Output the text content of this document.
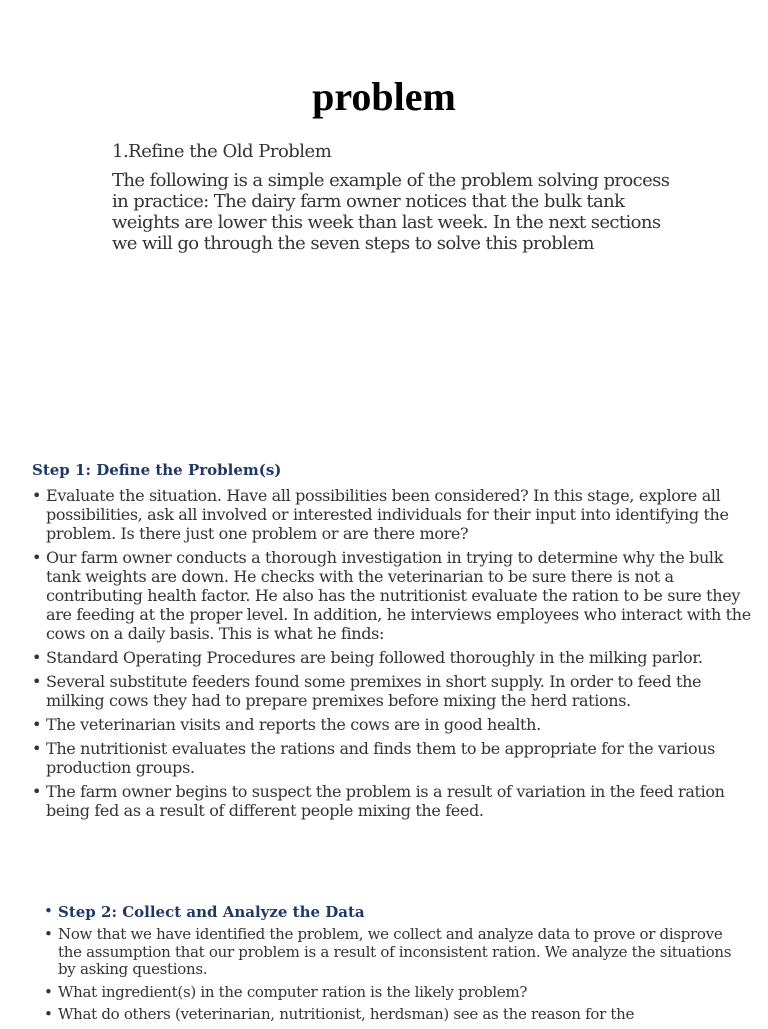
problem
1.Refine the Old Problem
The following is a simple example of the problem solving process in practice: The dairy farm owner notices that the bulk tank weights are lower this week than last week. In the next sections we will go through the seven steps to solve this problem
Step 1: Define the Problem(s)
• Evaluate the situation. Have all possibilities been considered? In this stage, explore all possibilities, ask all involved or interested individuals for their input into identifying the problem. Is there just one problem or are there more?
• Our farm owner conducts a thorough investigation in trying to determine why the bulk tank weights are down. He checks with the veterinarian to be sure there is not a contributing health factor. He also has the nutritionist evaluate the ration to be sure they are feeding at the proper level. In addition, he interviews employees who interact with the cows on a daily basis. This is what he finds:
• Standard Operating Procedures are being followed thoroughly in the milking parlor.
• Several substitute feeders found some premixes in short supply. In order to feed the milking cows they had to prepare premixes before mixing the herd rations.
• The veterinarian visits and reports the cows are in good health.
• The nutritionist evaluates the rations and finds them to be appropriate for the various production groups.
• The farm owner begins to suspect the problem is a result of variation in the feed ration being fed as a result of different people mixing the feed.
• Step 2: Collect and Analyze the Data
• Now that we have identified the problem, we collect and analyze data to prove or disprove the assumption that our problem is a result of inconsistent ration. We analyze the situations by asking questions.
• What ingredient(s) in the computer ration is the likely problem?
• What do others (veterinarian, nutritionist, herdsman) see as the reason for the
